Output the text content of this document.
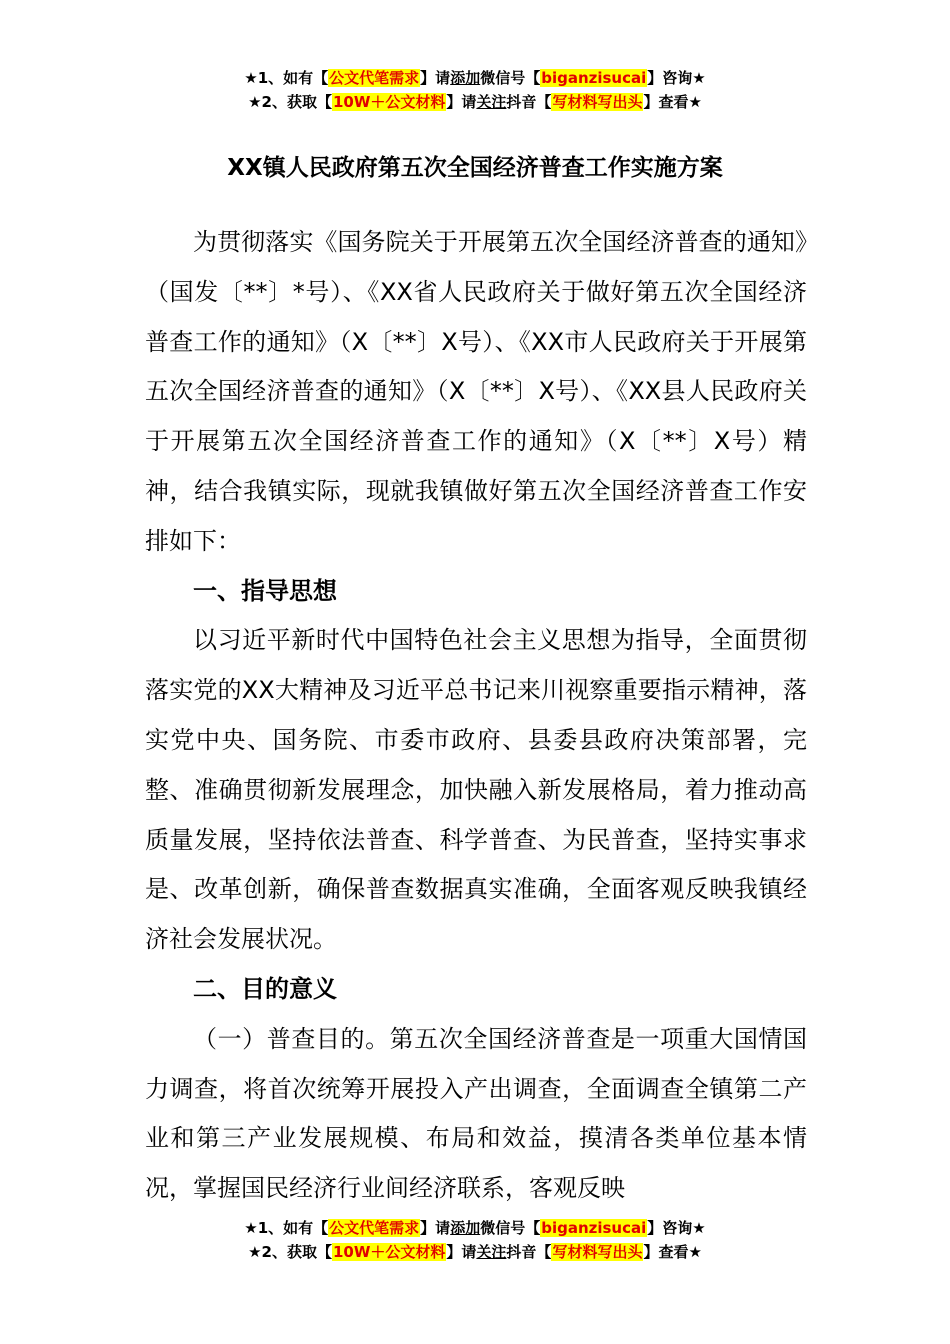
★1、如有【公文代笔需求】请添加微信号【biganzisucai】咨询★
★2、获取【10W＋公文材料】请关注抖音【写材料写出头】查看★
XX镇人民政府第五次全国经济普查工作实施方案

为贯彻落实《国务院关于开展第五次全国经济普查的通知》（国发〔**〕*号）、《XX省人民政府关于做好第五次全国经济普查工作的通知》（X〔**〕X号）、《XX市人民政府关于开展第五次全国经济普查的通知》（X〔**〕X号）、《XX县人民政府关于开展第五次全国经济普查工作的通知》（X〔**〕X号）精神，结合我镇实际，现就我镇做好第五次全国经济普查工作安排如下：

一、指导思想

以习近平新时代中国特色社会主义思想为指导，全面贯彻落实党的XX大精神及习近平总书记来川视察重要指示精神，落实党中央、国务院、市委市政府、县委县政府决策部署，完整、准确贯彻新发展理念，加快融入新发展格局，着力推动高质量发展，坚持依法普查、科学普查、为民普查，坚持实事求是、改革创新，确保普查数据真实准确，全面客观反映我镇经济社会发展状况。

二、目的意义

（一）普查目的。第五次全国经济普查是一项重大国情国力调查，将首次统筹开展投入产出调查，全面调查全镇第二产业和第三产业发展规模、布局和效益，摸清各类单位基本情况，掌握国民经济行业间经济联系，客观反映

★1、如有【公文代笔需求】请添加微信号【biganzisucai】咨询★
★2、获取【10W＋公文材料】请关注抖音【写材料写出头】查看★
